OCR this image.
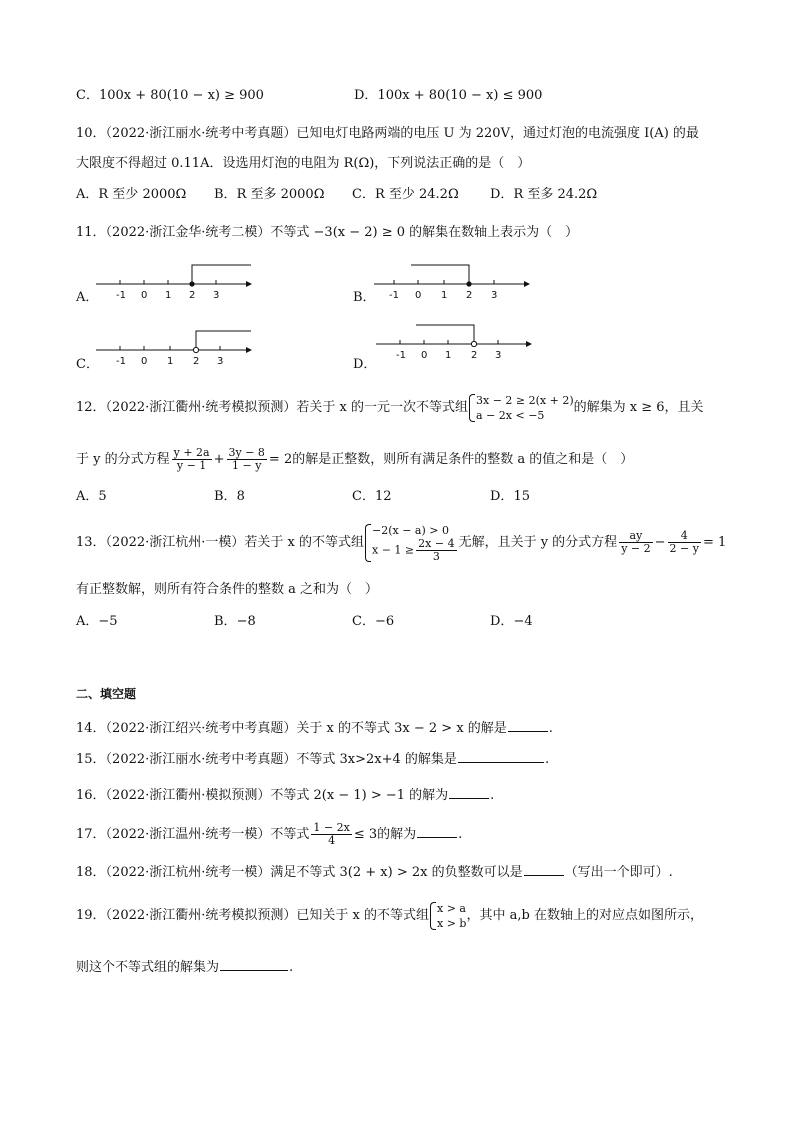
C．100x + 80(10 − x) ≥ 900	D．100x + 80(10 − x) ≤ 900
10．（2022·浙江丽水·统考中考真题）已知电灯电路两端的电压 U 为 220V，通过灯泡的电流强度 I(A) 的最
大限度不得超过 0.11A．设选用灯泡的电阻为 R(Ω)，下列说法正确的是（　）
A．R 至少 2000Ω B．R 至多 2000Ω C．R 至少 24.2Ω D．R 至多 24.2Ω
11．（2022·浙江金华·统考二模）不等式 −3(x − 2) ≥ 0 的解集在数轴上表示为（　）
A． -1 0 1 2 3	B． -1 0 1 2 3
C． -1 0 1 2 3	D．
-1 0 1 2 3
12．（2022·浙江衢州·统考模拟预测）若关于 x 的一元一次不等式组 3x − 2 ≥ 2(x + 2)
a − 2x < −5	的解集为 x ≥ 6，且关
于 y 的分式方程 $\frac{y + 2a}{y - 1} + \frac{3y - 8}{1 - y} = 2$的解是正整数，则所有满足条件的整数 a 的值之和是（　）
A．5	B．8	C．12	D．15
13．（2022·浙江杭州·一模）若关于 x 的不等式组
−2(x − a) > 0
$x - 1 \ge \frac{2x - 4}{3}$ 无解，且关于 y 的分式方程 $\frac{ay}{y - 2} - \frac{4}{2 - y} = 1$
有正整数解，则所有符合条件的整数 a 之和为（　）
A．−5	B．−8	C．−6	D．−4
二、填空题
14．（2022·浙江绍兴·统考中考真题）关于 x 的不等式 3x − 2 > x 的解是	.
15．（2022·浙江丽水·统考中考真题）不等式 3x>2x+4 的解集是	.
16．（2022·浙江衢州·模拟预测）不等式 2(x − 1) > −1 的解为	.
17．（2022·浙江温州·统考一模）不等式 $\frac{1 - 2x}{4} \le 3$的解为	.
18．（2022·浙江杭州·统考一模）满足不等式 3(2 + x) > 2x 的负整数可以是	（写出一个即可）.
19．（2022·浙江衢州·统考模拟预测）已知关于 x 的不等式组 x > a
x > b ，其中 a,b 在数轴上的对应点如图所示，
则这个不等式组的解集为	.
